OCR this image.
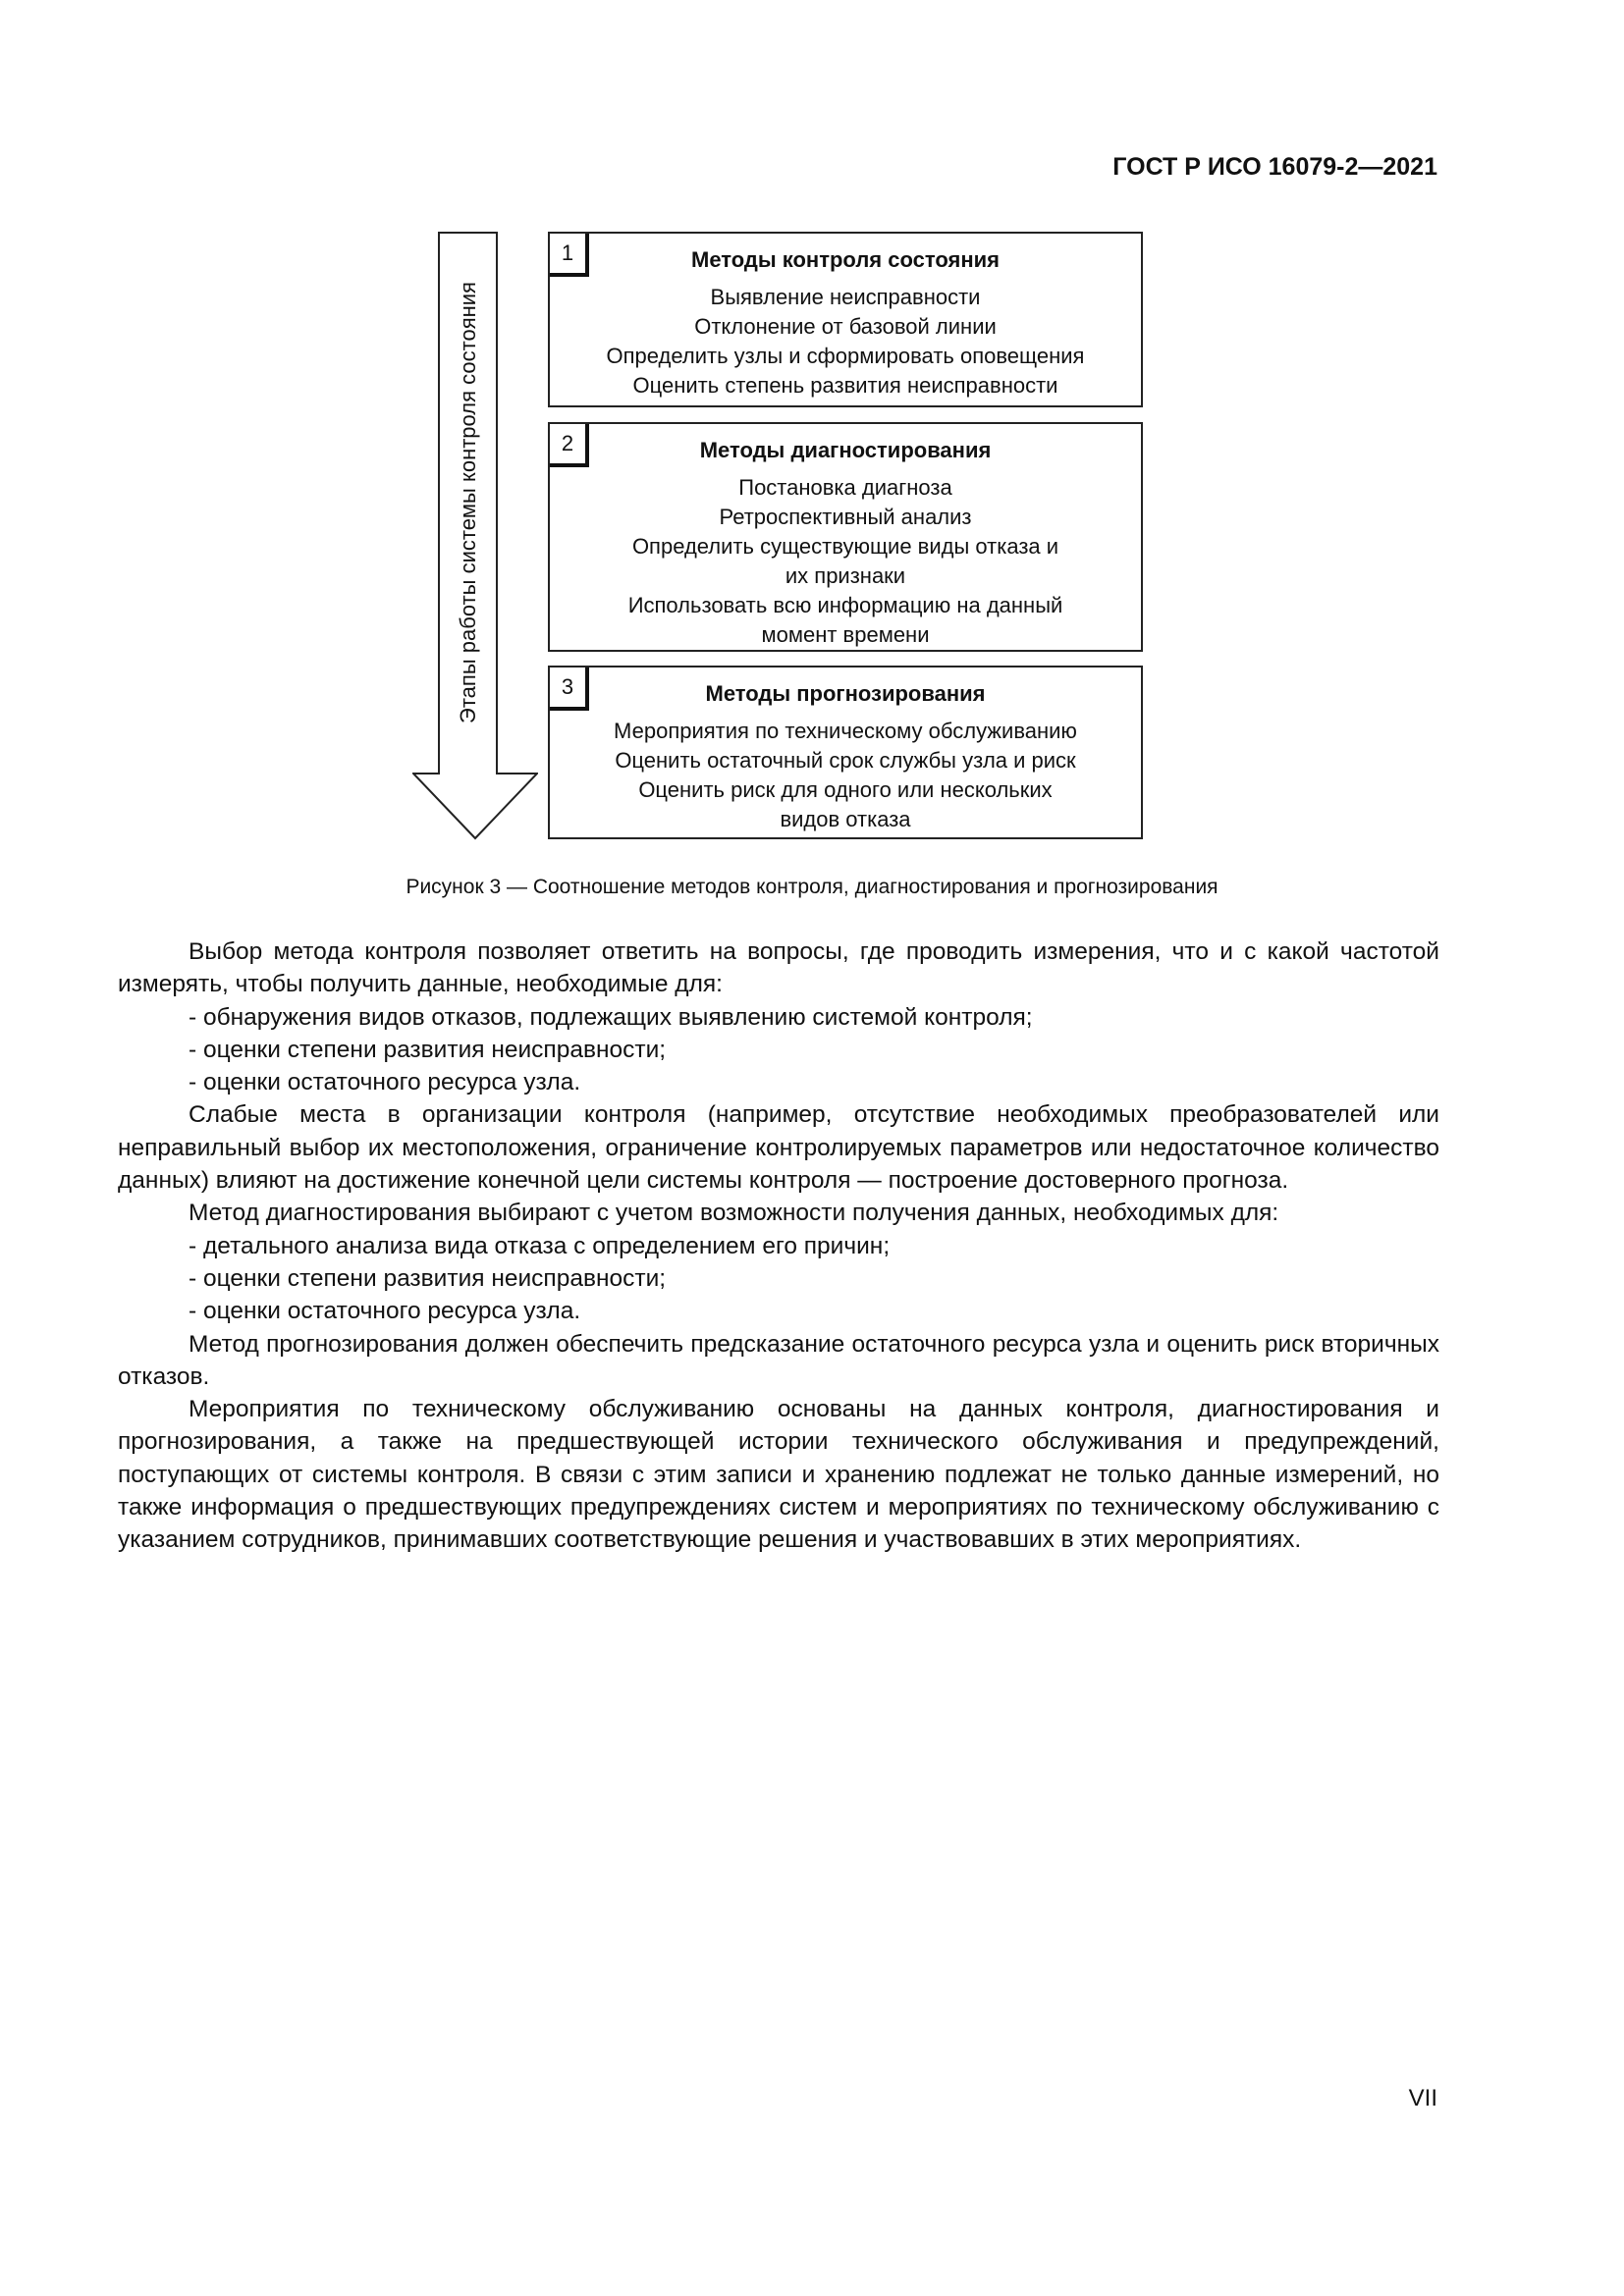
ГОСТ Р ИСО 16079-2—2021
Этапы работы системы контроля состояния
1	Методы контроля состояния
Выявление неисправности
Отклонение от базовой линии
Определить узлы и сформировать оповещения
Оценить степень развития неисправности
2	Методы диагностирования
Постановка диагноза
Ретроспективный анализ
Определить существующие виды отказа и
их признаки
Использовать всю информацию на данный
момент времени
3	Методы прогнозирования
Мероприятия по техническому обслуживанию
Оценить остаточный срок службы узла и риск
Оценить риск для одного или нескольких
видов отказа
Рисунок 3 — Соотношение методов контроля, диагностирования и прогнозирования

Выбор метода контроля позволяет ответить на вопросы, где проводить измерения, что и с какой частотой измерять, чтобы получить данные, необходимые для:

- обнаружения видов отказов, подлежащих выявлению системой контроля;

- оценки степени развития неисправности;

- оценки остаточного ресурса узла.

Слабые места в организации контроля (например, отсутствие необходимых преобразователей или неправильный выбор их местоположения, ограничение контролируемых параметров или недостаточное количество данных) влияют на достижение конечной цели системы контроля — построение достоверного прогноза.

Метод диагностирования выбирают с учетом возможности получения данных, необходимых для:

- детального анализа вида отказа с определением его причин;

- оценки степени развития неисправности;

- оценки остаточного ресурса узла.

Метод прогнозирования должен обеспечить предсказание остаточного ресурса узла и оценить риск вторичных отказов.

Мероприятия по техническому обслуживанию основаны на данных контроля, диагностирования и прогнозирования, а также на предшествующей истории технического обслуживания и предупреждений, поступающих от системы контроля. В связи с этим записи и хранению подлежат не только данные измерений, но также информация о предшествующих предупреждениях систем и мероприятиях по техническому обслуживанию с указанием сотрудников, принимавших соответствующие решения и участвовавших в этих мероприятиях.

VII
